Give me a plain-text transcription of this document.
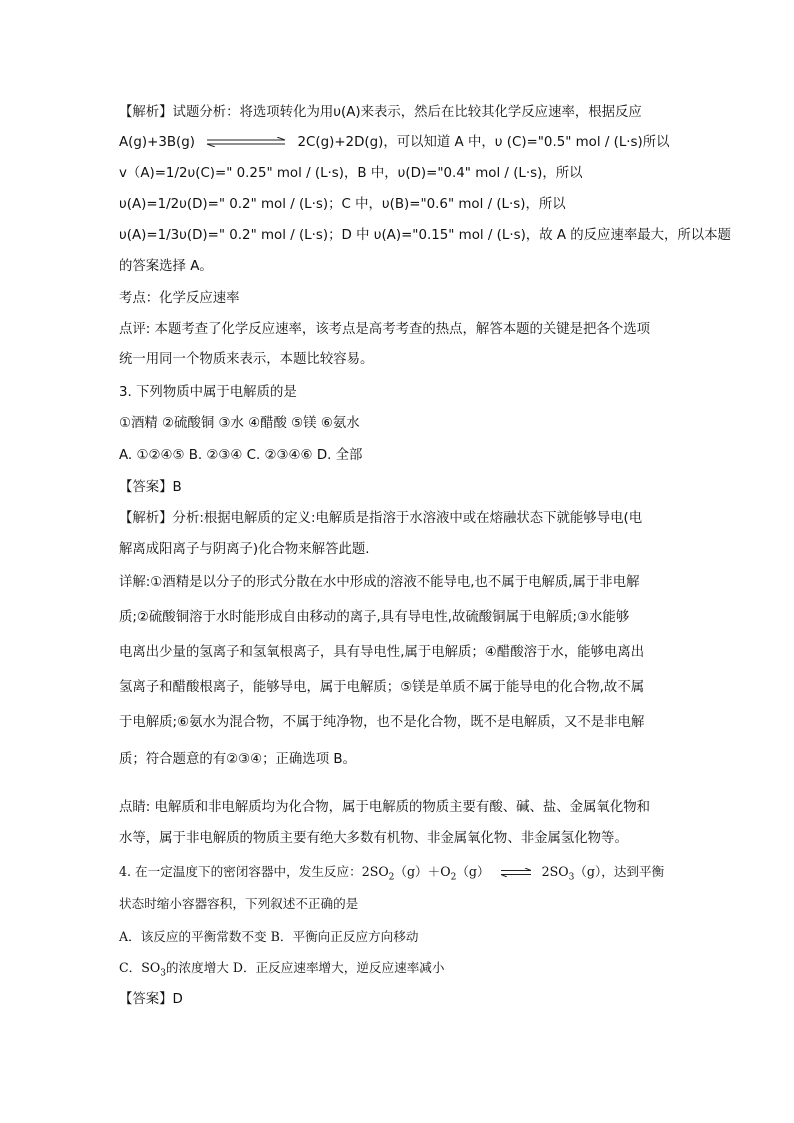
【解析】试题分析：将选项转化为用υ(A)来表示，然后在比较其化学反应速率，根据反应
A(g)+3B(g)	2C(g)+2D(g)，可以知道 A 中，υ (C)="0.5" mol / (L·s)所以
v（A)=1/2υ(C)=" 0.25" mol / (L·s)，B 中，υ(D)="0.4" mol / (L·s)，所以
υ(A)=1/2υ(D)=" 0.2" mol / (L·s)；C 中，υ(B)="0.6" mol / (L·s)，所以
υ(A)=1/3υ(D)=" 0.2" mol / (L·s)；D 中 υ(A)="0.15" mol / (L·s)，故 A 的反应速率最大，所以本题
的答案选择 A。
考点：化学反应速率
点评: 本题考查了化学反应速率，该考点是高考考查的热点，解答本题的关键是把各个选项
统一用同一个物质来表示，本题比较容易。
3. 下列物质中属于电解质的是
①酒精 ②硫酸铜 ③水 ④醋酸 ⑤镁 ⑥氨水
A. ①②④⑤ B. ②③④ C. ②③④⑥ D. 全部
【答案】B
【解析】分析:根据电解质的定义:电解质是指溶于水溶液中或在熔融状态下就能够导电(电
解离成阳离子与阴离子)化合物来解答此题.
详解:①酒精是以分子的形式分散在水中形成的溶液不能导电,也不属于电解质,属于非电解
质;②硫酸铜溶于水时能形成自由移动的离子,具有导电性,故硫酸铜属于电解质;③水能够
电离出少量的氢离子和氢氧根离子，具有导电性,属于电解质；④醋酸溶于水，能够电离出
氢离子和醋酸根离子，能够导电，属于电解质；⑤镁是单质不属于能导电的化合物,故不属
于电解质;⑥氨水为混合物，不属于纯净物，也不是化合物，既不是电解质，又不是非电解
质；符合题意的有②③④；正确选项 B。
点睛: 电解质和非电解质均为化合物，属于电解质的物质主要有酸、碱、盐、金属氧化物和
水等，属于非电解质的物质主要有绝大多数有机物、非金属氧化物、非金属氢化物等。
4. 在一定温度下的密闭容器中，发生反应：$2SO_2(g)+O_2(g)$ ⇌ $2SO_3(g)$，达到平衡
状态时缩小容器容积，下列叙述不正确的是
A．该反应的平衡常数不变 B．平衡向正反应方向移动
C．$SO_3$的浓度增大 D．正反应速率增大，逆反应速率减小
【答案】D
